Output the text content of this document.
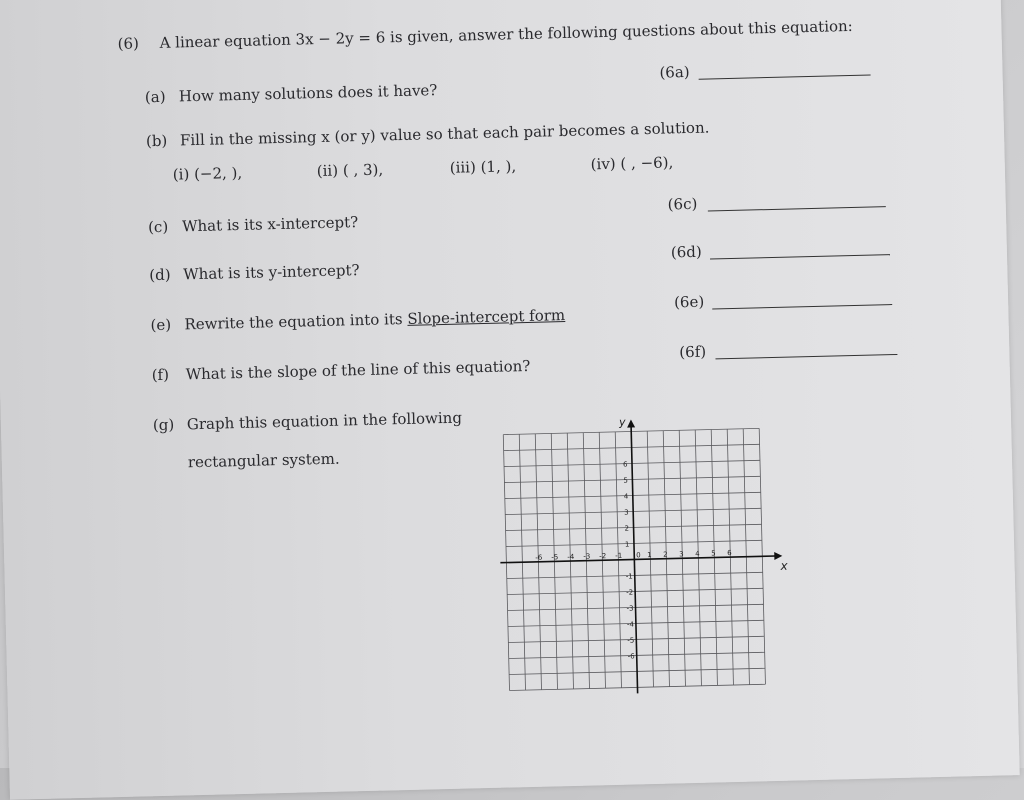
(6) A linear equation 3x − 2y = 6 is given, answer the following questions about this equation:
(a) How many solutions does it have?
(6a)
(b) Fill in the missing x (or y) value so that each pair becomes a solution.
(i) (−2, ),	(ii) ( , 3),	(iii) (1, ),	(iv) ( , −6),
(c) What is its x-intercept?
(6c)
(d) What is its y-intercept?
(6d)
(e) Rewrite the equation into its Slope-intercept form
(6e)
(f) What is the slope of the line of this equation?
(6f)
(g) Graph this equation in the following
rectangular system.
-6 -5 -4 -3 -2 -1 0 1 2 3 4 5 6
6
5
4
3
2
1
-1
-2
-3
-4
-5
-6
x
y
